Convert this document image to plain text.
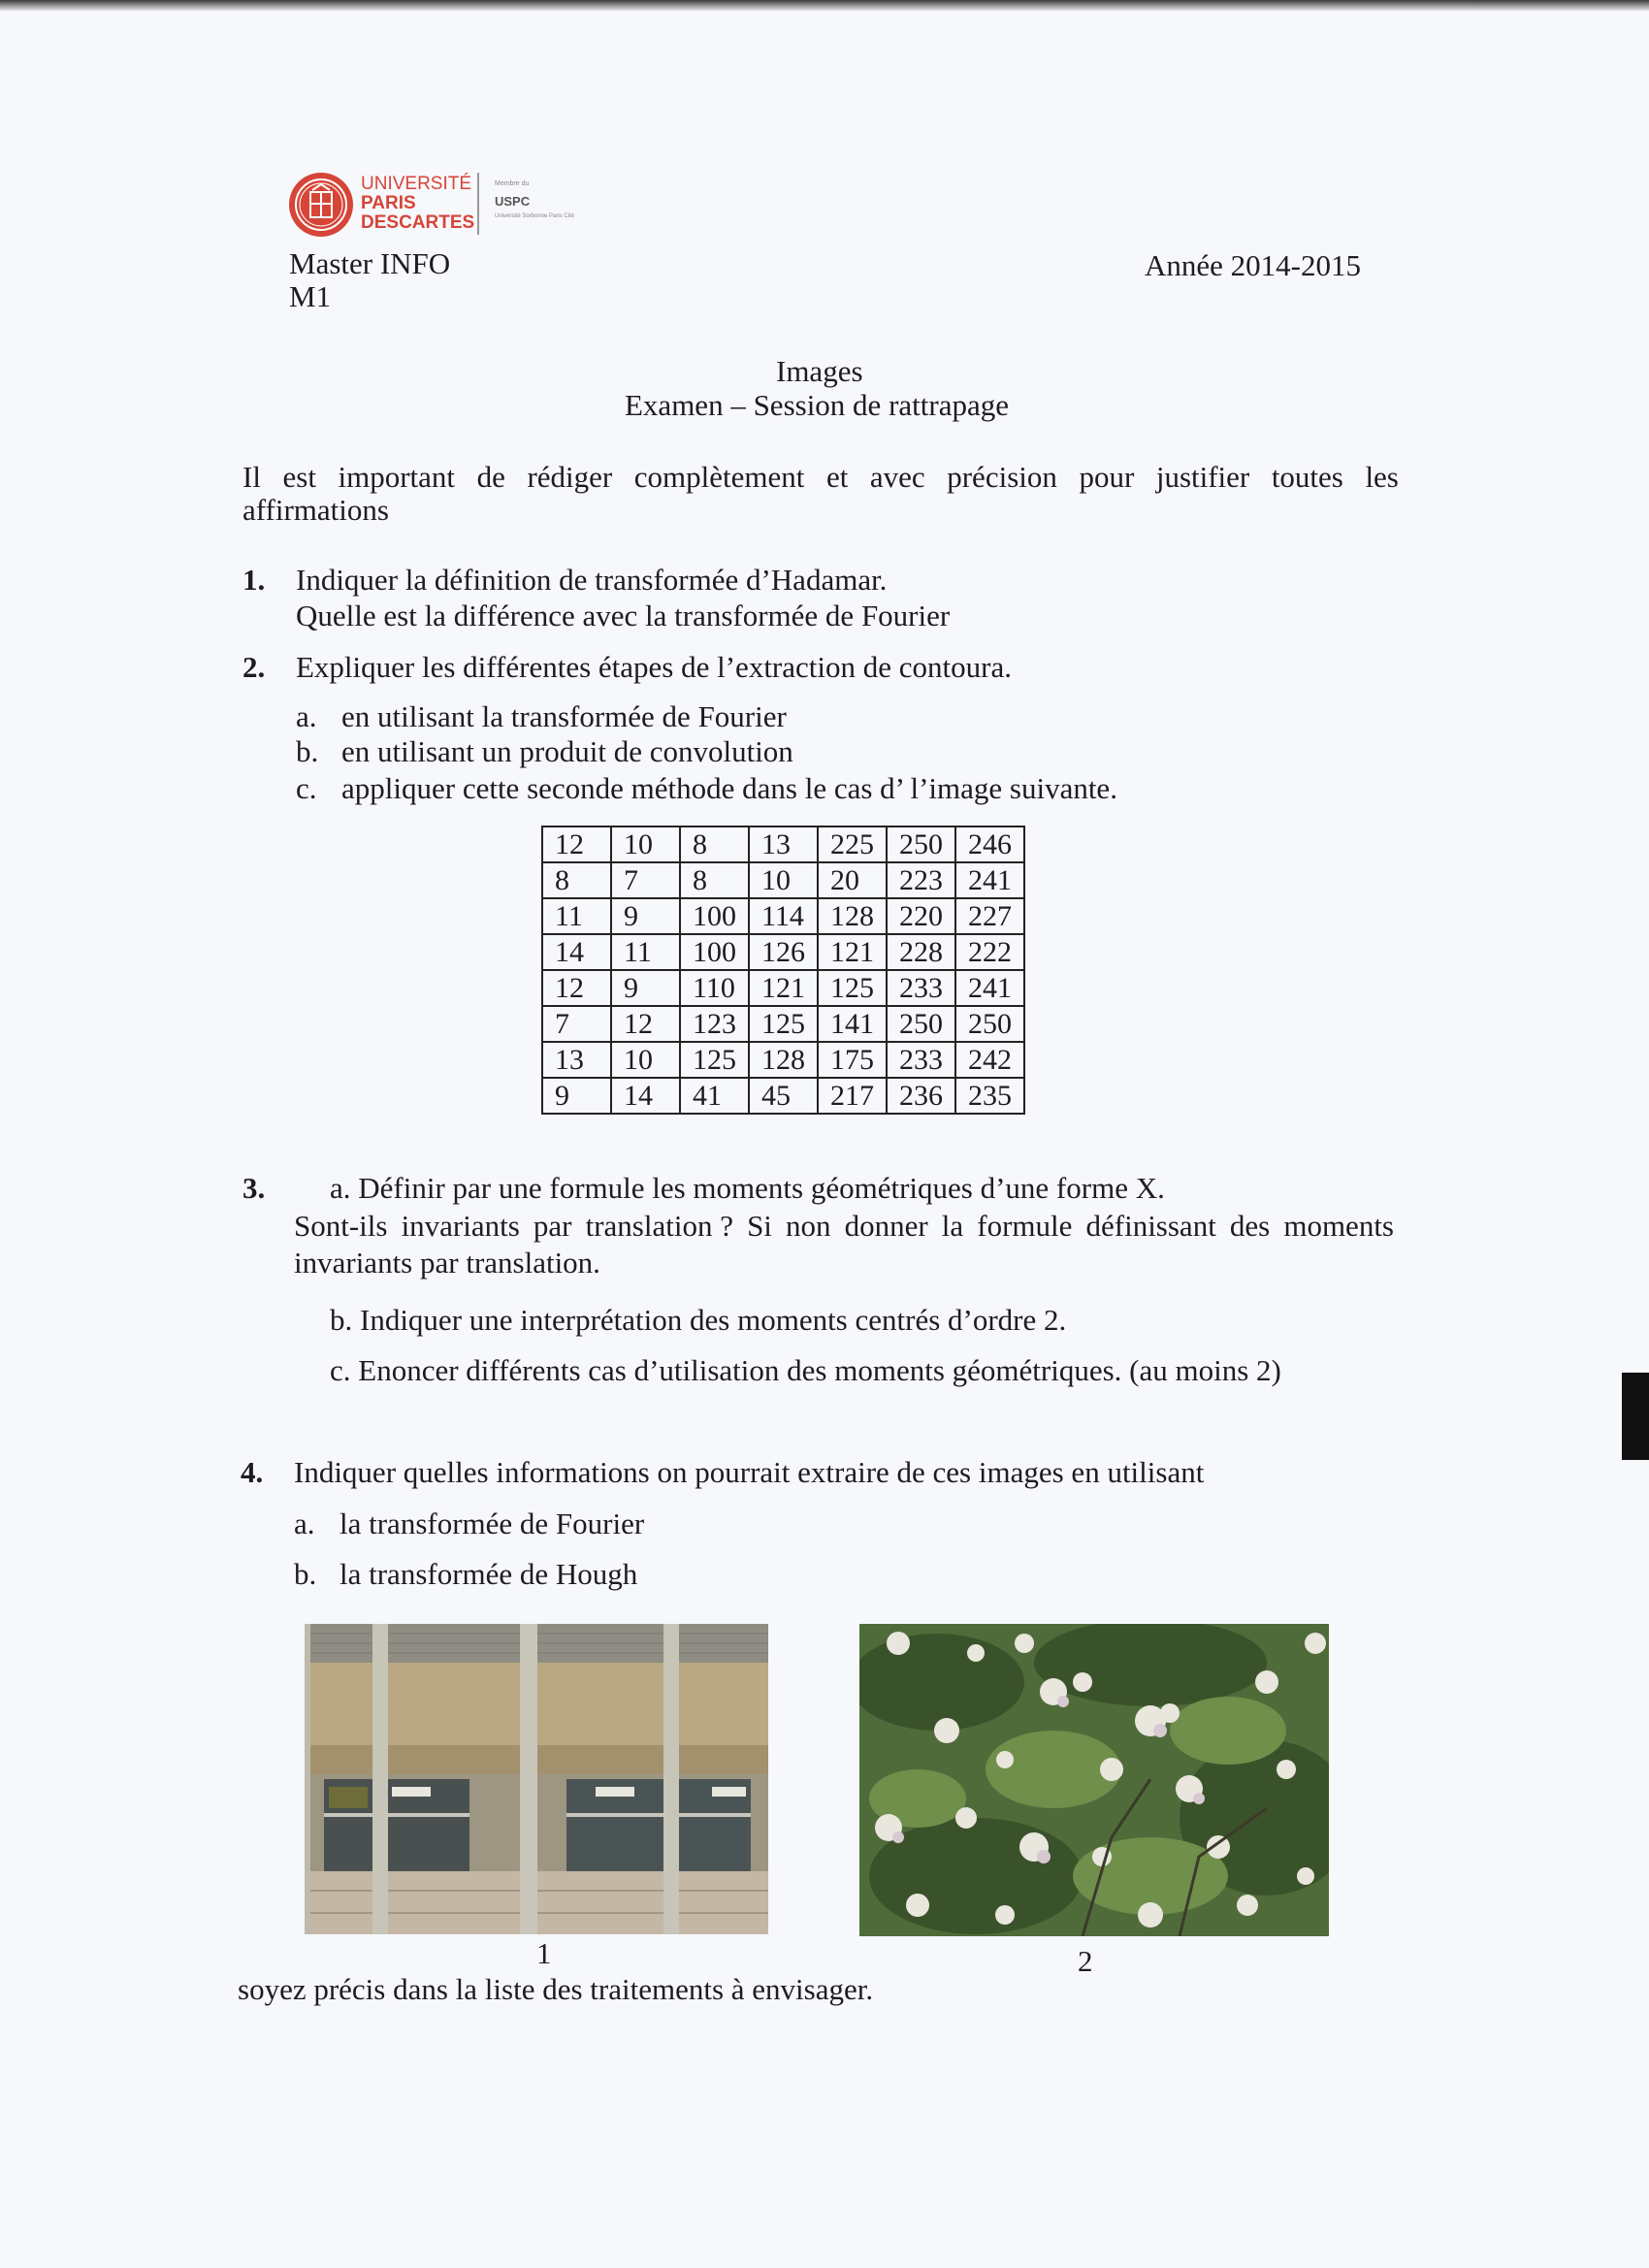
UNIVERSITÉ
PARIS
DESCARTES
Membre du
USPC
Université Sorbonne Paris Cité
Master INFO
M1
Année 2014-2015
Images
Examen – Session de rattrapage
Il est important de rédiger complètement et avec précision pour justifier toutes les
affirmations
1. Indiquer la définition de transformée d’Hadamar.
Quelle est la différence avec la transformée de Fourier
2. Expliquer les différentes étapes de l’extraction de contoura.
a. en utilisant la transformée de Fourier
b. en utilisant un produit de convolution
c. appliquer cette seconde méthode dans le cas d’ l’image suivante.
12	10	8	13	225	250	246
8	7	8	10	20	223	241
11	9	100	114	128	220	227
14	11	100	126	121	228	222
12	9	110	121	125	233	241
7	12	123	125	141	250	250
13	10	125	128	175	233	242
9	14	41	45	217	236	235
3. a. Définir par une formule les moments géométriques d’une forme X.
Sont-ils invariants par translation ? Si non donner la formule définissant des moments
invariants par translation.
b. Indiquer une interprétation des moments centrés d’ordre 2.
c. Enoncer différents cas d’utilisation des moments géométriques. (au moins 2)
4. Indiquer quelles informations on pourrait extraire de ces images en utilisant
a. la transformée de Fourier
b. la transformée de Hough
1	2
soyez précis dans la liste des traitements à envisager.
